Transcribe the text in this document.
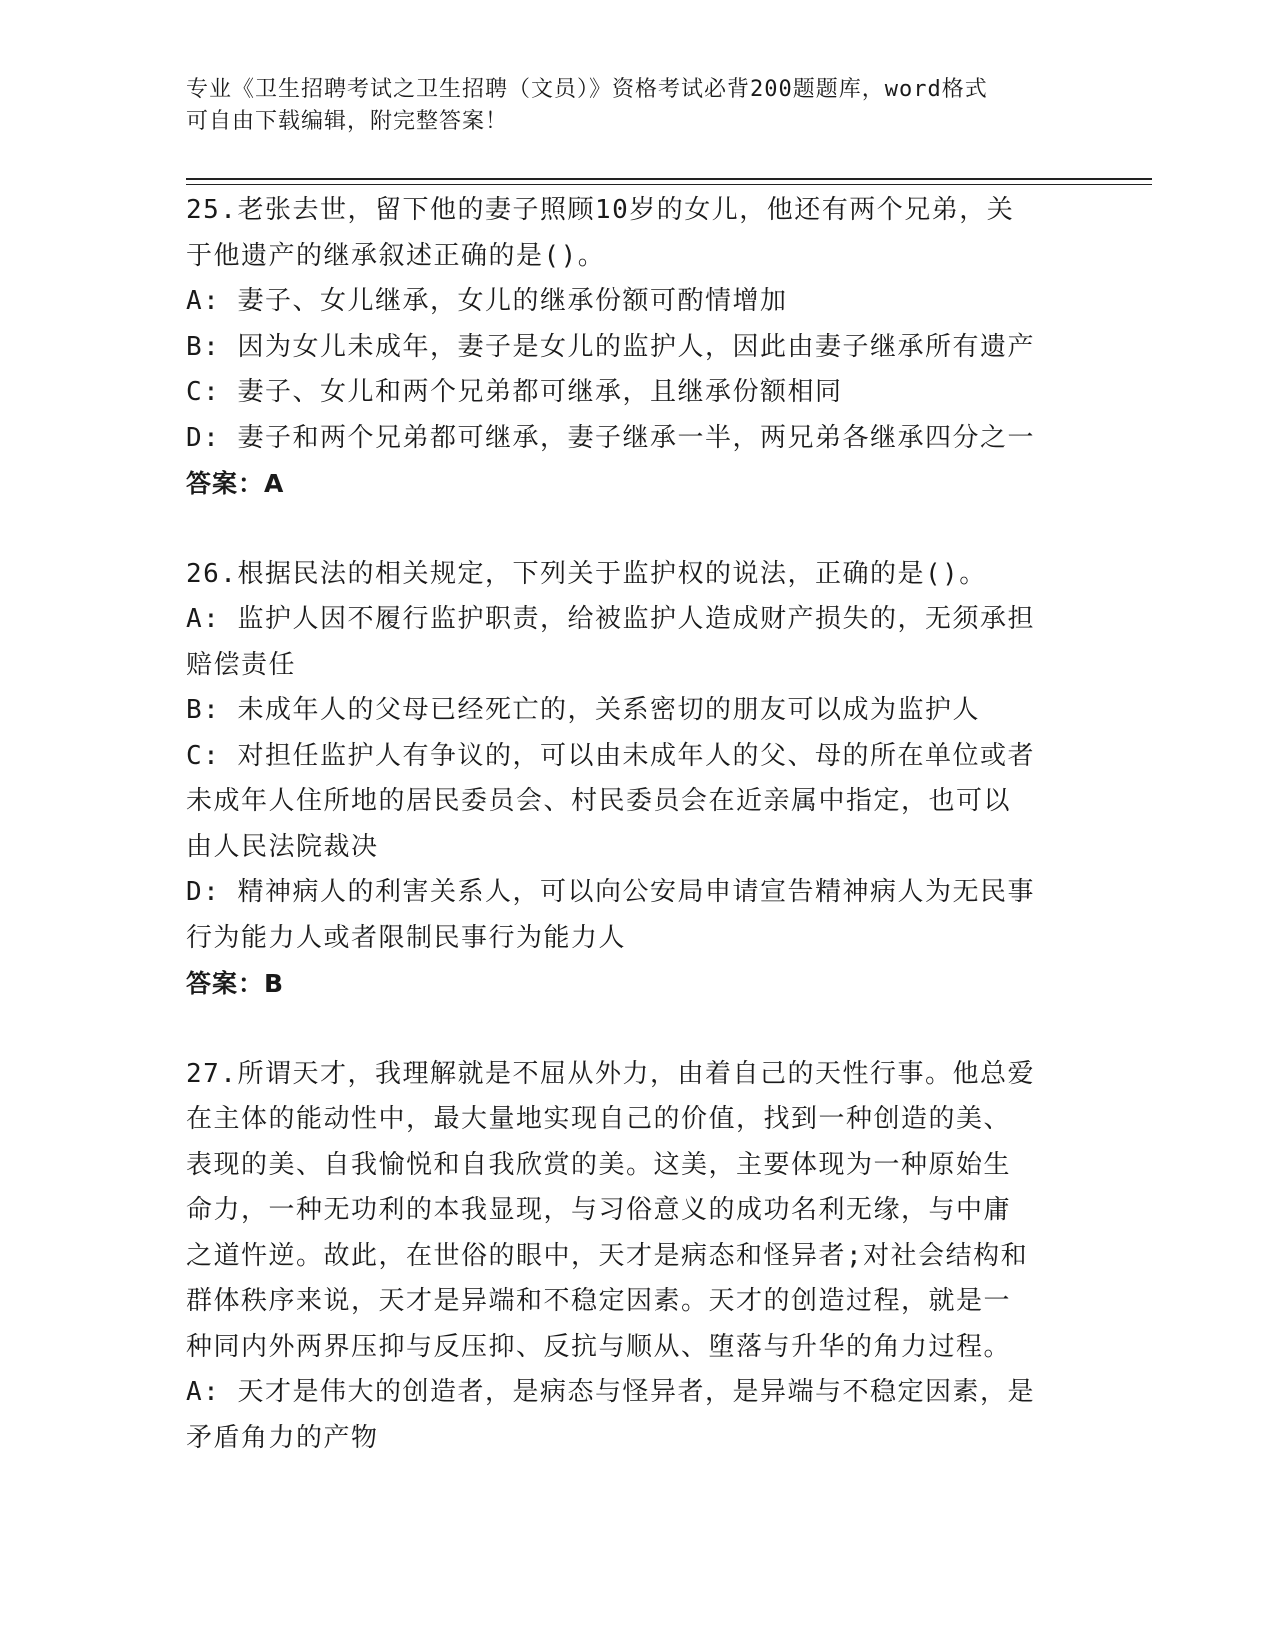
专业《卫生招聘考试之卫生招聘（文员）》资格考试必背200题题库，word格式
可自由下载编辑，附完整答案！
25.老张去世，留下他的妻子照顾10岁的女儿，他还有两个兄弟，关
于他遗产的继承叙述正确的是()。
A: 妻子、女儿继承，女儿的继承份额可酌情增加
B: 因为女儿未成年，妻子是女儿的监护人，因此由妻子继承所有遗产
C: 妻子、女儿和两个兄弟都可继承，且继承份额相同
D: 妻子和两个兄弟都可继承，妻子继承一半，两兄弟各继承四分之一
答案：A
26.根据民法的相关规定，下列关于监护权的说法，正确的是()。
A: 监护人因不履行监护职责，给被监护人造成财产损失的，无须承担
赔偿责任
B: 未成年人的父母已经死亡的，关系密切的朋友可以成为监护人
C: 对担任监护人有争议的，可以由未成年人的父、母的所在单位或者
未成年人住所地的居民委员会、村民委员会在近亲属中指定，也可以
由人民法院裁决
D: 精神病人的利害关系人，可以向公安局申请宣告精神病人为无民事
行为能力人或者限制民事行为能力人
答案：B
27.所谓天才，我理解就是不屈从外力，由着自己的天性行事。他总爱
在主体的能动性中，最大量地实现自己的价值，找到一种创造的美、
表现的美、自我愉悦和自我欣赏的美。这美，主要体现为一种原始生
命力，一种无功利的本我显现，与习俗意义的成功名利无缘，与中庸
之道忤逆。故此，在世俗的眼中，天才是病态和怪异者;对社会结构和
群体秩序来说，天才是异端和不稳定因素。天才的创造过程，就是一
种同内外两界压抑与反压抑、反抗与顺从、堕落与升华的角力过程。
A: 天才是伟大的创造者，是病态与怪异者，是异端与不稳定因素，是
矛盾角力的产物
